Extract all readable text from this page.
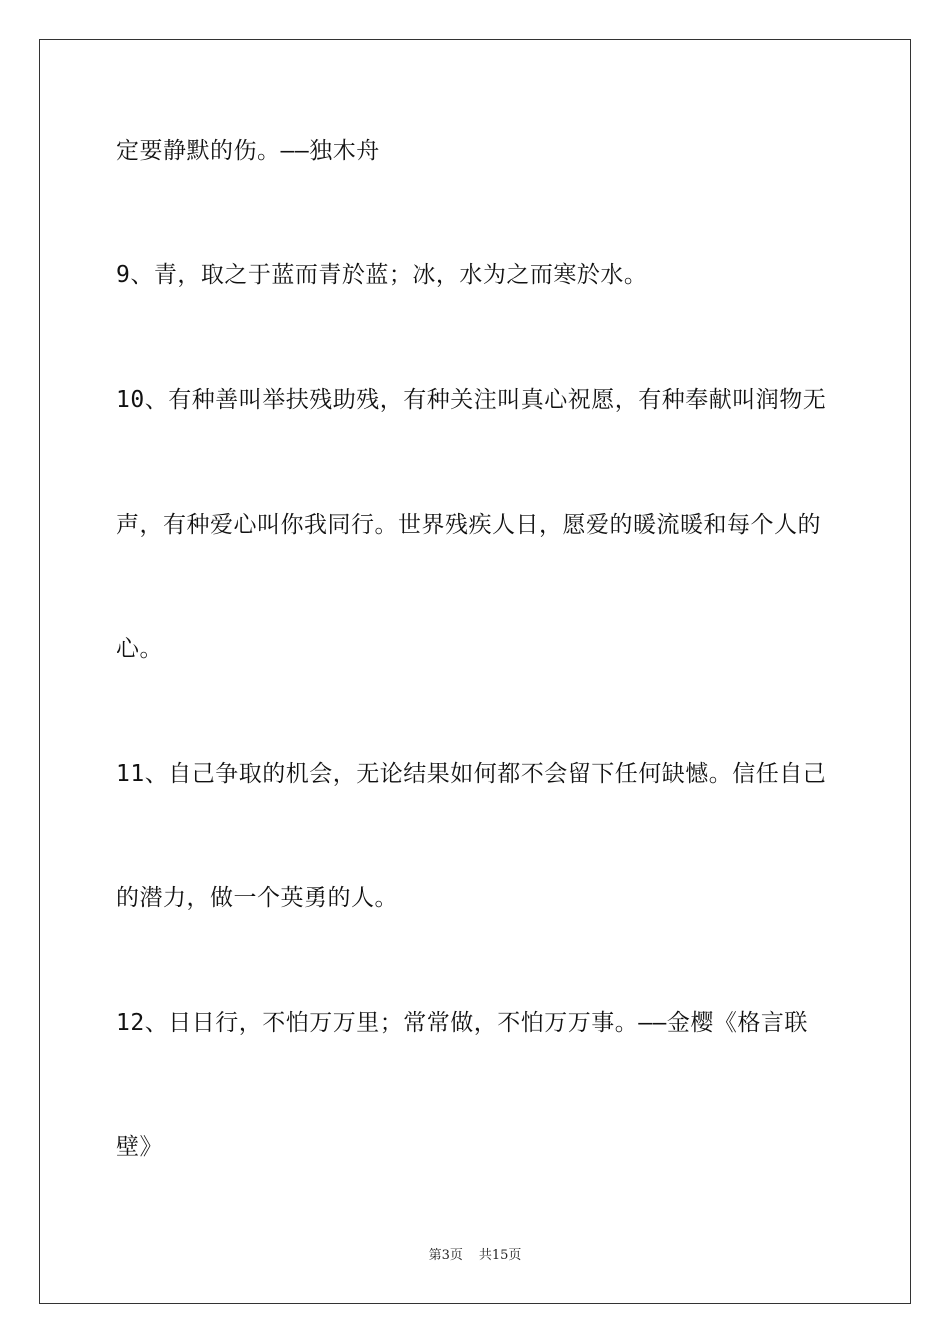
定要静默的伤。——独木舟
9、青，取之于蓝而青於蓝；冰，水为之而寒於水。
10、有种善叫举扶残助残，有种关注叫真心祝愿，有种奉献叫润物无
声，有种爱心叫你我同行。世界残疾人日，愿爱的暖流暖和每个人的
心。
11、自己争取的机会，无论结果如何都不会留下任何缺憾。信任自己
的潜力，做一个英勇的人。
12、日日行，不怕万万里；常常做，不怕万万事。——金樱《格言联
壁》
第3页 共15页
